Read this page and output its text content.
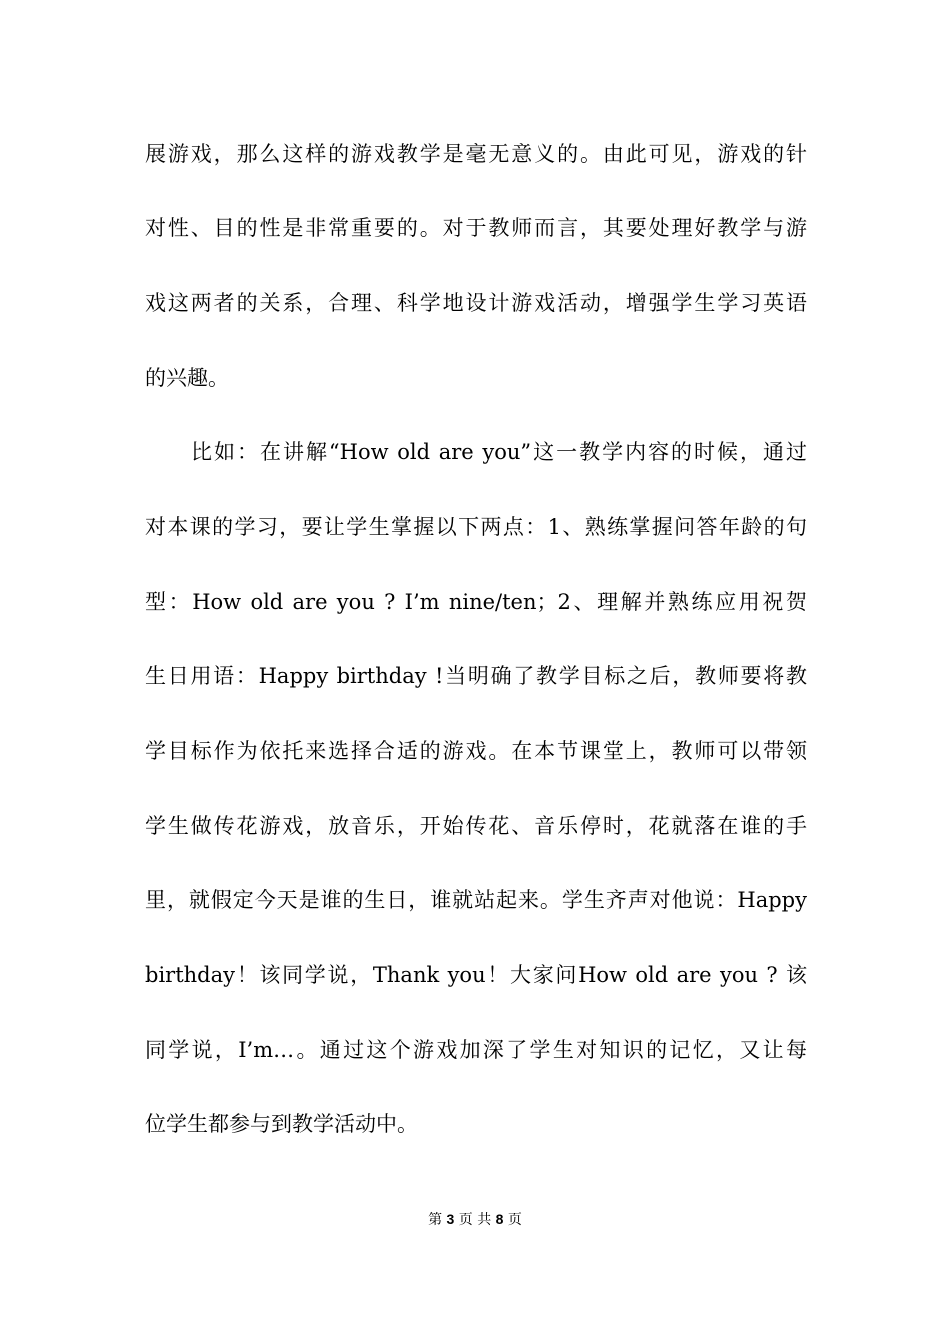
展游戏，那么这样的游戏教学是毫无意义的。由此可见，游戏的针
对性、目的性是非常重要的。对于教师而言，其要处理好教学与游
戏这两者的关系，合理、科学地设计游戏活动，增强学生学习英语
的兴趣。
比如：在讲解“How old are you”这一教学内容的时候，通过
对本课的学习，要让学生掌握以下两点：1、熟练掌握问答年龄的句
型：How old are you ? I’m nine/ten；2、理解并熟练应用祝贺
生日用语：Happy birthday !当明确了教学目标之后，教师要将教
学目标作为依托来选择合适的游戏。在本节课堂上，教师可以带领
学生做传花游戏，放音乐，开始传花、音乐停时，花就落在谁的手
里，就假定今天是谁的生日，谁就站起来。学生齐声对他说：Happy
birthday！该同学说，Thank you！大家问How old are you ? 该
同学说，I’m…。通过这个游戏加深了学生对知识的记忆，又让每
位学生都参与到教学活动中。
第 3 页 共 8 页
